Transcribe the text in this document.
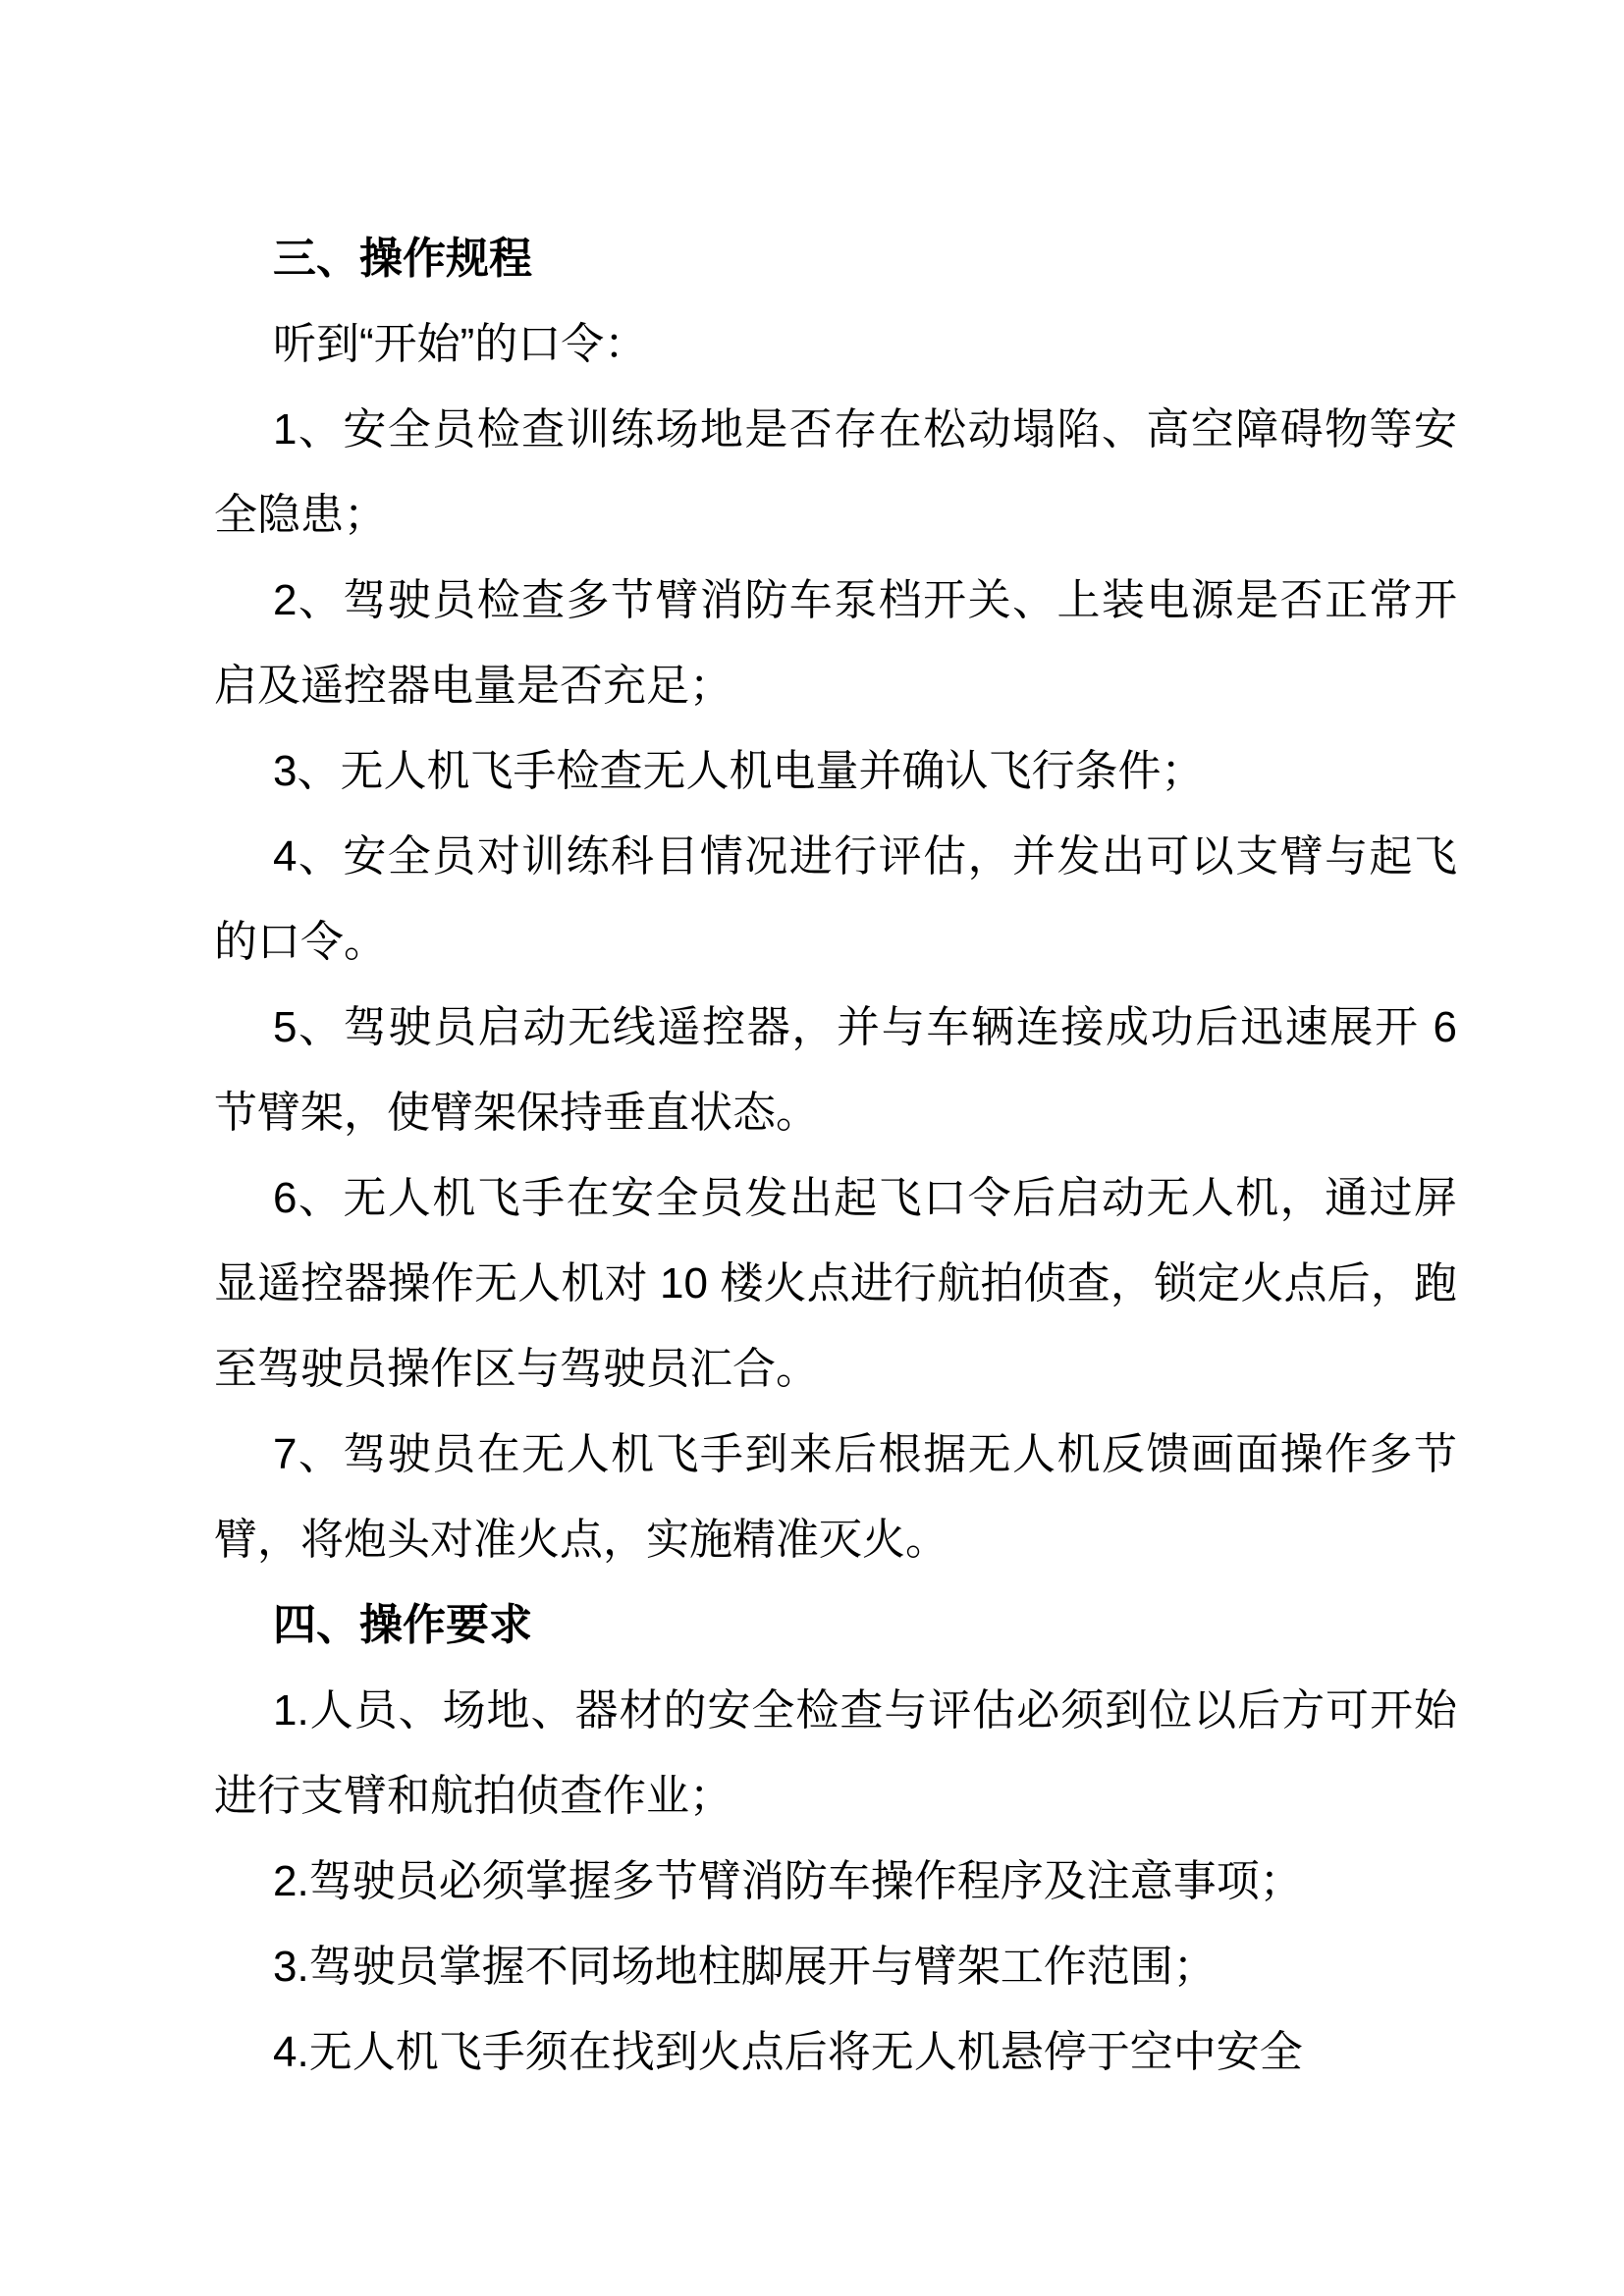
三、操作规程

听到“开始”的口令：

1、安全员检查训练场地是否存在松动塌陷、高空障碍物等安全隐患；

2、驾驶员检查多节臂消防车泵档开关、上装电源是否正常开启及遥控器电量是否充足；

3、无人机飞手检查无人机电量并确认飞行条件；

4、安全员对训练科目情况进行评估，并发出可以支臂与起飞的口令。

5、驾驶员启动无线遥控器，并与车辆连接成功后迅速展开 6 节臂架，使臂架保持垂直状态。

6、无人机飞手在安全员发出起飞口令后启动无人机，通过屏显遥控器操作无人机对 10 楼火点进行航拍侦查，锁定火点后，跑至驾驶员操作区与驾驶员汇合。

7、驾驶员在无人机飞手到来后根据无人机反馈画面操作多节臂，将炮头对准火点，实施精准灭火。

四、操作要求

1.人员、场地、器材的安全检查与评估必须到位以后方可开始进行支臂和航拍侦查作业；

2.驾驶员必须掌握多节臂消防车操作程序及注意事项；

3.驾驶员掌握不同场地柱脚展开与臂架工作范围；

4.无人机飞手须在找到火点后将无人机悬停于空中安全
